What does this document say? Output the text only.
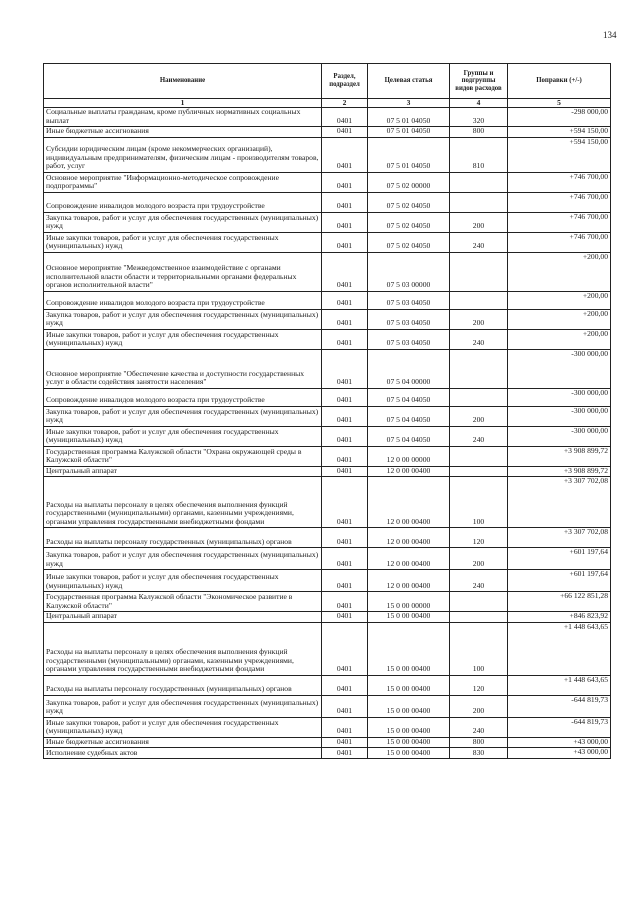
134
Наименование	Раздел, подраздел	Целевая статья	Группы и подгруппы видов расходов	Поправки (+/-)
1	2	3	4	5
Социальные выплаты гражданам, кроме публичных нормативных социальных выплат	0401	07 5 01 04050	320	-298 000,00
Иные бюджетные ассигнования	0401	07 5 01 04050	800	+594 150,00
Субсидии юридическим лицам (кроме некоммерческих организаций), индивидуальным предпринимателям, физическим лицам - производителям товаров, работ, услуг	0401	07 5 01 04050	810	+594 150,00
Основное мероприятие "Информационно-методическое сопровождение подпрограммы"	0401	07 5 02 00000		+746 700,00
Сопровождение инвалидов молодого возраста при трудоустройстве	0401	07 5 02 04050		+746 700,00
Закупка товаров, работ и услуг для обеспечения государственных (муниципальных) нужд	0401	07 5 02 04050	200	+746 700,00
Иные закупки товаров, работ и услуг для обеспечения государственных (муниципальных) нужд	0401	07 5 02 04050	240	+746 700,00
Основное мероприятие "Межведомственное взаимодействие с органами исполнительной власти области и территориальными органами федеральных органов исполнительной власти"	0401	07 5 03 00000		+200,00
Сопровождение инвалидов молодого возраста при трудоустройстве	0401	07 5 03 04050		+200,00
Закупка товаров, работ и услуг для обеспечения государственных (муниципальных) нужд	0401	07 5 03 04050	200	+200,00
Иные закупки товаров, работ и услуг для обеспечения государственных (муниципальных) нужд	0401	07 5 03 04050	240	+200,00
Основное мероприятие "Обеспечение качества и доступности государственных услуг в области содействия занятости населения"	0401	07 5 04 00000		-300 000,00
Сопровождение инвалидов молодого возраста при трудоустройстве	0401	07 5 04 04050		-300 000,00
Закупка товаров, работ и услуг для обеспечения государственных (муниципальных) нужд	0401	07 5 04 04050	200	-300 000,00
Иные закупки товаров, работ и услуг для обеспечения государственных (муниципальных) нужд	0401	07 5 04 04050	240	-300 000,00
Государственная программа Калужской области "Охрана окружающей среды в Калужской области"	0401	12 0 00 00000		+3 908 899,72
Центральный аппарат	0401	12 0 00 00400		+3 908 899,72
Расходы на выплаты персоналу в целях обеспечения выполнения функций государственными (муниципальными) органами, казенными учреждениями, органами управления государственными внебюджетными фондами	0401	12 0 00 00400	100	+3 307 702,08
Расходы на выплаты персоналу государственных (муниципальных) органов	0401	12 0 00 00400	120	+3 307 702,08
Закупка товаров, работ и услуг для обеспечения государственных (муниципальных) нужд	0401	12 0 00 00400	200	+601 197,64
Иные закупки товаров, работ и услуг для обеспечения государственных (муниципальных) нужд	0401	12 0 00 00400	240	+601 197,64
Государственная программа Калужской области "Экономическое развитие в Калужской области"	0401	15 0 00 00000		+66 122 851,28
Центральный аппарат	0401	15 0 00 00400		+846 823,92
Расходы на выплаты персоналу в целях обеспечения выполнения функций государственными (муниципальными) органами, казенными учреждениями, органами управления государственными внебюджетными фондами	0401	15 0 00 00400	100	+1 448 643,65
Расходы на выплаты персоналу государственных (муниципальных) органов	0401	15 0 00 00400	120	+1 448 643,65
Закупка товаров, работ и услуг для обеспечения государственных (муниципальных) нужд	0401	15 0 00 00400	200	-644 819,73
Иные закупки товаров, работ и услуг для обеспечения государственных (муниципальных) нужд	0401	15 0 00 00400	240	-644 819,73
Иные бюджетные ассигнования	0401	15 0 00 00400	800	+43 000,00
Исполнение судебных актов	0401	15 0 00 00400	830	+43 000,00
